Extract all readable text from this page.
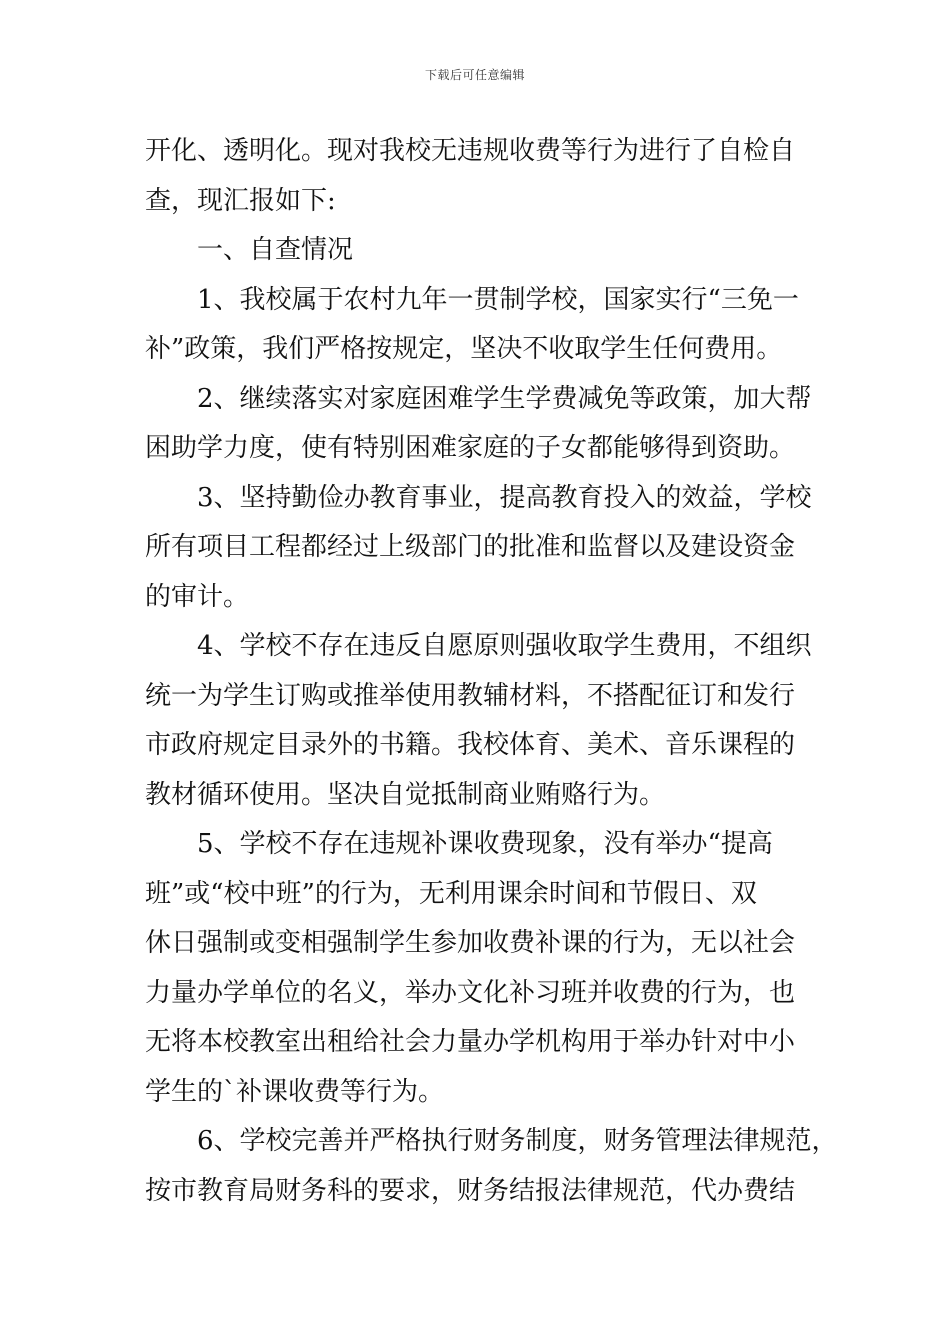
下载后可任意编辑
开化、透明化。现对我校无违规收费等行为进行了自检自
查，现汇报如下:
一、自查情况
1、我校属于农村九年一贯制学校，国家实行“三免一
补”政策，我们严格按规定，坚决不收取学生任何费用。
2、继续落实对家庭困难学生学费减免等政策，加大帮
困助学力度，使有特别困难家庭的子女都能够得到资助。
3、坚持勤俭办教育事业，提高教育投入的效益，学校
所有项目工程都经过上级部门的批准和监督以及建设资金
的审计。
4、学校不存在违反自愿原则强收取学生费用，不组织
统一为学生订购或推举使用教辅材料，不搭配征订和发行
市政府规定目录外的书籍。我校体育、美术、音乐课程的
教材循环使用。坚决自觉抵制商业贿赂行为。
5、学校不存在违规补课收费现象，没有举办“提高
班”或“校中班”的行为，无利用课余时间和节假日、双
休日强制或变相强制学生参加收费补课的行为，无以社会
力量办学单位的名义，举办文化补习班并收费的行为，也
无将本校教室出租给社会力量办学机构用于举办针对中小
学生的`补课收费等行为。
6、学校完善并严格执行财务制度，财务管理法律规范，
按市教育局财务科的要求，财务结报法律规范，代办费结
